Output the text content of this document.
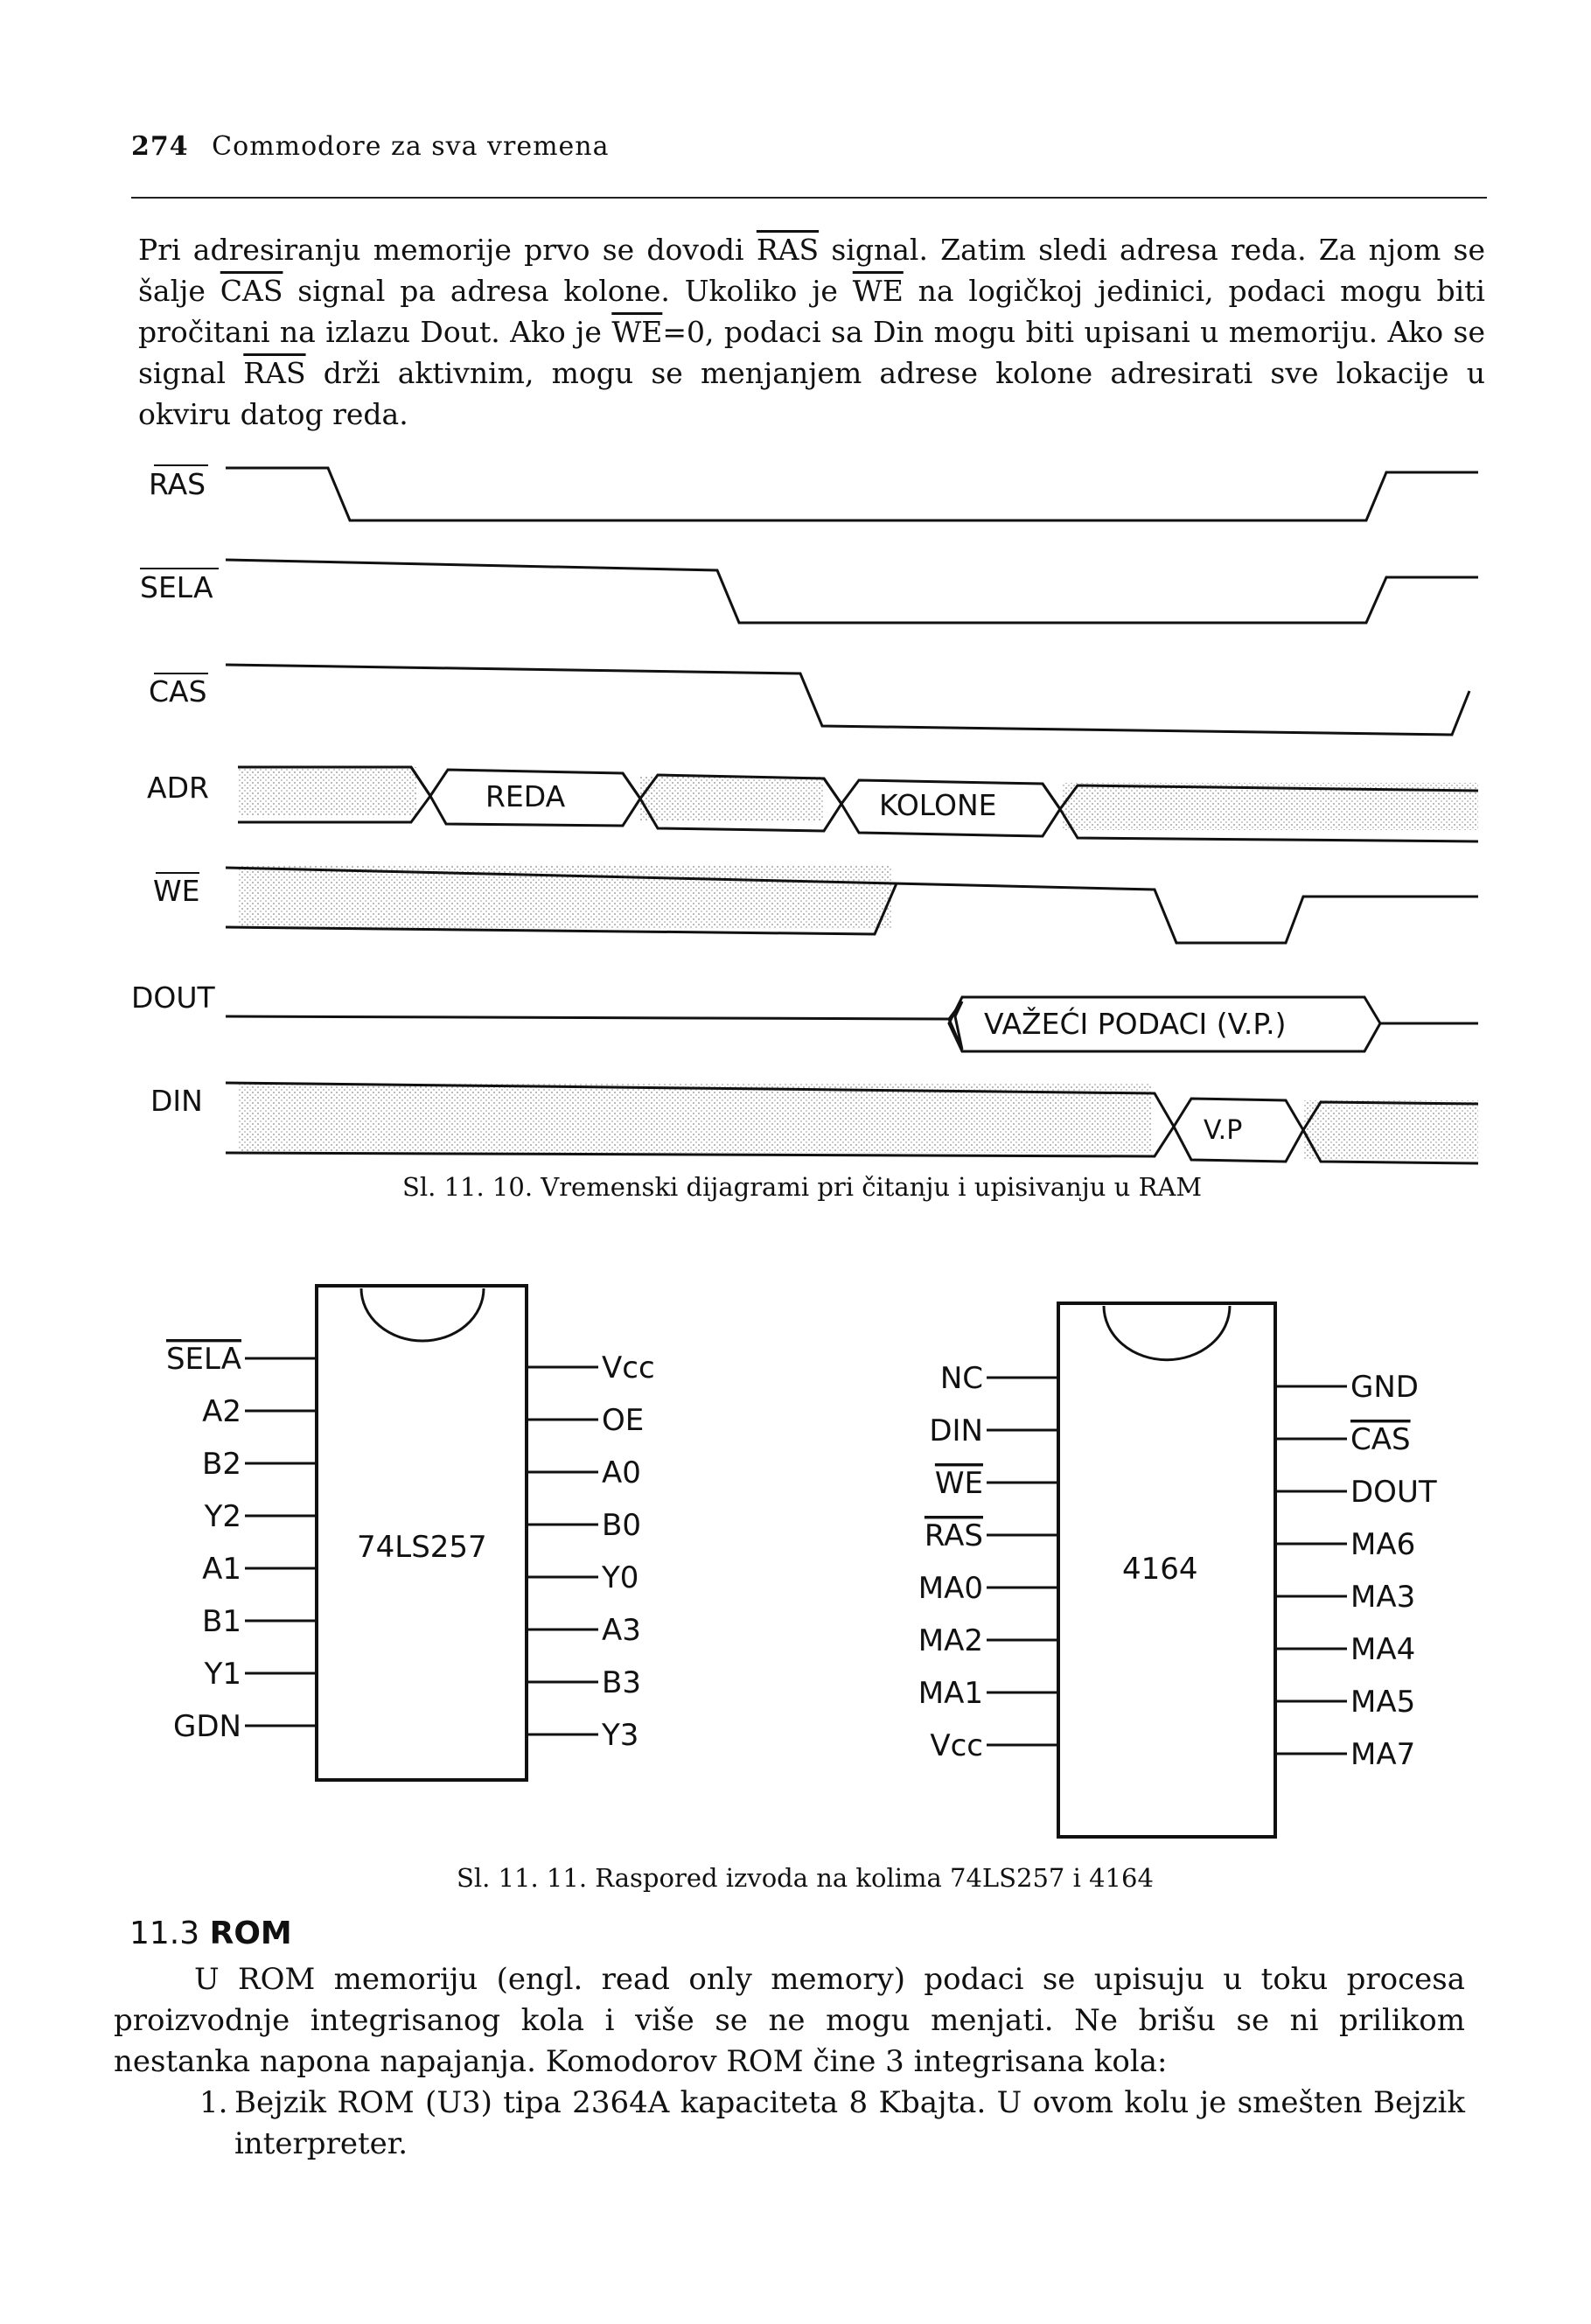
274 Commodore za sva vremena

Pri adresiranju memorije prvo se dovodi $\overline{RAS}$ signal. Zatim sledi adresa reda. Za njom se šalje $\overline{CAS}$ signal pa adresa kolone. Ukoliko je $\overline{WE}$ na logičkoj jedinici, podaci mogu biti pročitani na izlazu Dout. Ako je $\overline{WE}=0$, podaci sa Din mogu biti upisani u memoriju. Ako se signal $\overline{RAS}$ drži aktivnim, mogu se menjanjem adrese kolone adresirati sve lokacije u okviru datog reda.

RAS
SELA
CAS
ADR
WE
DOUT
DIN
REDA	KOLONE
VAŽEĆI PODACI (V.P.)
V.P
74LS257
SELA	Vcc
A2	OE
B2	A0
Y2	B0
A1	Y0
B1	A3
Y1	B3
GDN	Y3
4164
NC	GND
DIN	CAS
WE	DOUT
RAS	MA6
MA0	MA3
MA2	MA4
MA1	MA5
Vcc	MA7
Sl. 11. 10. Vremenski dijagrami pri čitanju i upisivanju u RAM
Sl. 11. 11. Raspored izvoda na kolima 74LS257 i 4164
11.3 ROM

U ROM memoriju (engl. read only memory) podaci se upisuju u toku procesa proizvodnje integrisanog kola i više se ne mogu menjati. Ne brišu se ni prilikom nestanka napona napajanja. Komodorov ROM čine 3 integrisana kola:

1. Bejzik ROM (U3) tipa 2364A kapaciteta 8 Kbajta. U ovom kolu je smešten Bejzik interpreter.
